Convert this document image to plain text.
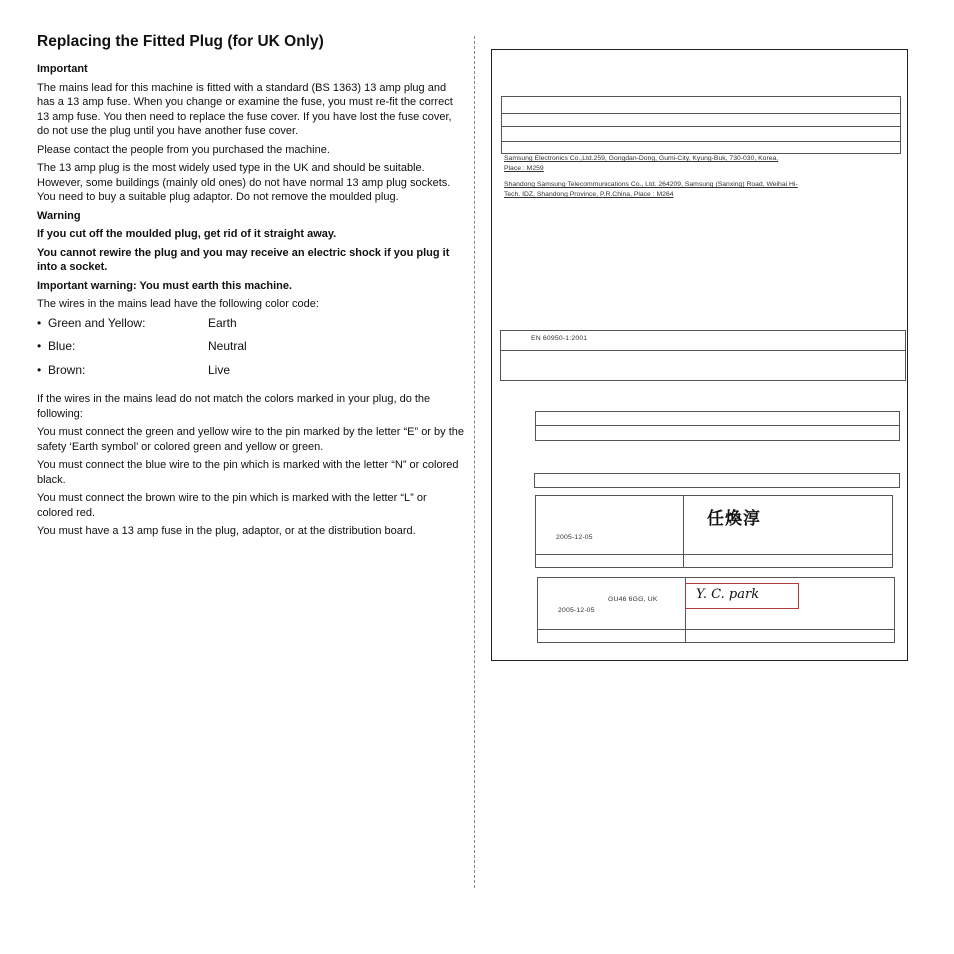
Replacing the Fitted Plug (for UK Only)
Important

The mains lead for this machine is fitted with a standard (BS 1363) 13 amp plug and has a 13 amp fuse. When you change or examine the fuse, you must re-fit the correct 13 amp fuse. You then need to replace the fuse cover. If you have lost the fuse cover, do not use the plug until you have another fuse cover.

Please contact the people from you purchased the machine.

The 13 amp plug is the most widely used type in the UK and should be suitable. However, some buildings (mainly old ones) do not have normal 13 amp plug sockets. You need to buy a suitable plug adaptor. Do not remove the moulded plug.

Warning

If you cut off the moulded plug, get rid of it straight away.

You cannot rewire the plug and you may receive an electric shock if you plug it into a socket.

Important warning: You must earth this machine.

The wires in the mains lead have the following color code:

• Green and Yellow:	Earth
• Blue:	Neutral
• Brown:	Live

If the wires in the mains lead do not match the colors marked in your plug, do the following:

You must connect the green and yellow wire to the pin marked by the letter “E” or by the safety ‘Earth symbol’ or colored green and yellow or green.

You must connect the blue wire to the pin which is marked with the letter “N” or colored black.

You must connect the brown wire to the pin which is marked with the letter “L” or colored red.

You must have a 13 amp fuse in the plug, adaptor, or at the distribution board.

Samsung Electronics Co.,Ltd.259, Gongdan-Dong, Gumi-City, Kyung-Buk, 730-030, Korea,
Place : M259
Shandong Samsung Telecommunications Co., Ltd. 264209, Samsung (Sanxing) Road, Weihai Hi-
Tech. IDZ, Shandong Province, P.R.China, Place : M264
EN 60950-1:2001
2005-12-05
任煥淳
GU46 6GG, UK
2005-12-05
Y. C. park
